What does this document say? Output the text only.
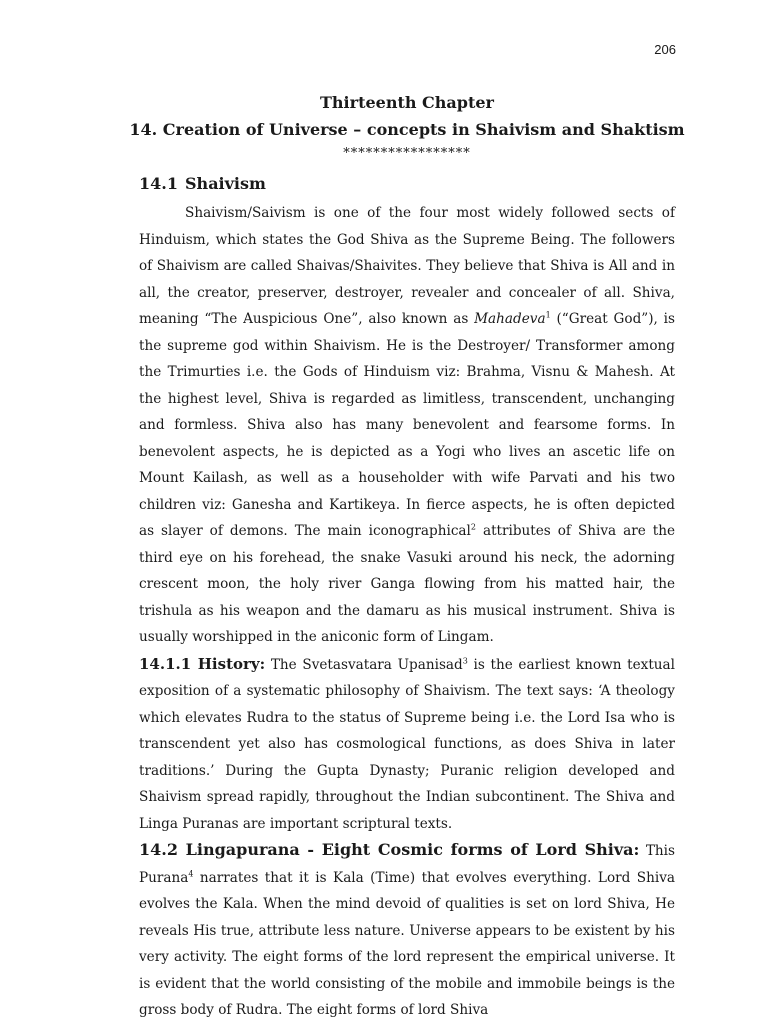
206
Thirteenth Chapter
14. Creation of Universe – concepts in Shaivism and Shaktism
*****************
14.1 Shaivism

Shaivism/Saivism is one of the four most widely followed sects of Hinduism, which states the God Shiva as the Supreme Being. The followers of Shaivism are called Shaivas/Shaivites. They believe that Shiva is All and in all, the creator, preserver, destroyer, revealer and concealer of all. Shiva, meaning “The Auspicious One”, also known as Mahadeva$^1$ (“Great God”), is the supreme god within Shaivism. He is the Destroyer/ Transformer among the Trimurties i.e. the Gods of Hinduism viz: Brahma, Visnu & Mahesh. At the highest level, Shiva is regarded as limitless, transcendent, unchanging and formless. Shiva also has many benevolent and fearsome forms. In benevolent aspects, he is depicted as a Yogi who lives an ascetic life on Mount Kailash, as well as a householder with wife Parvati and his two children viz: Ganesha and Kartikeya. In fierce aspects, he is often depicted as slayer of demons. The main iconographical$^2$ attributes of Shiva are the third eye on his forehead, the snake Vasuki around his neck, the adorning crescent moon, the holy river Ganga flowing from his matted hair, the trishula as his weapon and the damaru as his musical instrument. Shiva is usually worshipped in the aniconic form of Lingam.

14.1.1 History: The Svetasvatara Upanisad$^3$ is the earliest known textual exposition of a systematic philosophy of Shaivism. The text says: ‘A theology which elevates Rudra to the status of Supreme being i.e. the Lord Isa who is transcendent yet also has cosmological functions, as does Shiva in later traditions.’ During the Gupta Dynasty; Puranic religion developed and Shaivism spread rapidly, throughout the Indian subcontinent. The Shiva and Linga Puranas are important scriptural texts.

14.2 Lingapurana - Eight Cosmic forms of Lord Shiva: This Purana$^4$ narrates that it is Kala (Time) that evolves everything. Lord Shiva evolves the Kala. When the mind devoid of qualities is set on lord Shiva, He reveals His true, attribute less nature. Universe appears to be existent by his very activity. The eight forms of the lord represent the empirical universe. It is evident that the world consisting of the mobile and immobile beings is the gross body of Rudra. The eight forms of lord Shiva
